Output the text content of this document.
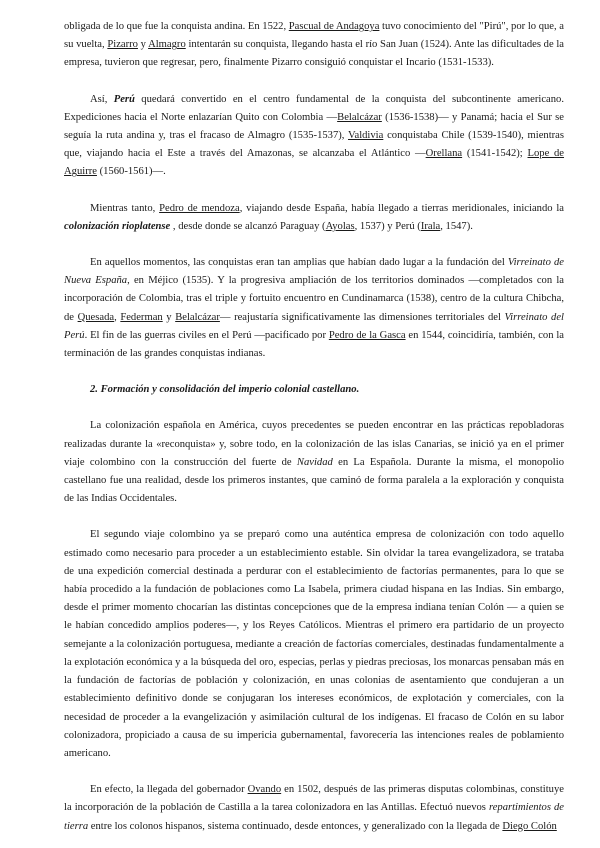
obligada de lo que fue la conquista andina. En 1522, Pascual de Andagoya tuvo conocimiento del "Pirú", por lo que, a su vuelta, Pizarro y Almagro intentarán su conquista, llegando hasta el río San Juan (1524). Ante las dificultades de la empresa, tuvieron que regresar, pero, finalmente Pizarro consiguió conquistar el Incario (1531-1533).

Así, Perú quedará convertido en el centro fundamental de la conquista del subcontinente americano. Expediciones hacia el Norte enlazarían Quito con Colombia —Belalcázar (1536-1538)— y Panamá; hacia el Sur se seguía la ruta andina y, tras el fracaso de Almagro (1535-1537), Valdivia conquistaba Chile (1539-1540), mientras que, viajando hacia el Este a través del Amazonas, se alcanzaba el Atlántico —Orellana (1541-1542); Lope de Aguirre (1560-1561)—.

Mientras tanto, Pedro de mendoza, viajando desde España, había llegado a tierras meridionales, iniciando la colonización rioplatense , desde donde se alcanzó Paraguay (Ayolas, 1537) y Perú (Irala, 1547).

En aquellos momentos, las conquistas eran tan amplias que habían dado lugar a la fundación del Virreinato de Nueva España, en Méjico (1535). Y la progresiva ampliación de los territorios dominados —completados con la incorporación de Colombia, tras el triple y fortuito encuentro en Cundinamarca (1538), centro de la cultura Chibcha, de Quesada, Federman y Belalcázar— reajustaría significativamente las dimensiones territoriales del Virreinato del Perú. El fin de las guerras civiles en el Perú —pacificado por Pedro de la Gasca en 1544, coincidiría, también, con la terminación de las grandes conquistas indianas.

2. Formación y consolidación del imperio colonial castellano.

La colonización española en América, cuyos precedentes se pueden encontrar en las prácticas repobladoras realizadas durante la «reconquista» y, sobre todo, en la colonización de las islas Canarias, se inició ya en el primer viaje colombino con la construcción del fuerte de Navidad en La Española. Durante la misma, el monopolio castellano fue una realidad, desde los primeros instantes, que caminó de forma paralela a la exploración y conquista de las Indias Occidentales.

El segundo viaje colombino ya se preparó como una auténtica empresa de colonización con todo aquello estimado como necesario para proceder a un establecimiento estable. Sin olvidar la tarea evangelizadora, se trataba de una expedición comercial destinada a perdurar con el establecimiento de factorías permanentes, para lo que se había procedido a la fundación de poblaciones como La Isabela, primera ciudad hispana en las Indias. Sin embargo, desde el primer momento chocarían las distintas concepciones que de la empresa indiana tenían Colón — a quien se le habían concedido amplios poderes—, y los Reyes Católicos. Mientras el primero era partidario de un proyecto semejante a la colonización portuguesa, mediante a creación de factorías comerciales, destinadas fundamentalmente a la explotación económica y a la búsqueda del oro, especias, perlas y piedras preciosas, los monarcas pensaban más en la fundación de factorías de población y colonización, en unas colonias de asentamiento que condujeran a un establecimiento definitivo donde se conjugaran los intereses económicos, de explotación y comerciales, con la necesidad de proceder a la evangelización y asimilación cultural de los indígenas. El fracaso de Colón en su labor colonizadora, propiciado a causa de su impericia gubernamental, favorecería las intenciones reales de poblamiento americano.

En efecto, la llegada del gobernador Ovando en 1502, después de las primeras disputas colombinas, constituye la incorporación de la población de Castilla a la tarea colonizadora en las Antillas. Efectuó nuevos repartimientos de tierra entre los colonos hispanos, sistema continuado, desde entonces, y generalizado con la llegada de Diego Colón
